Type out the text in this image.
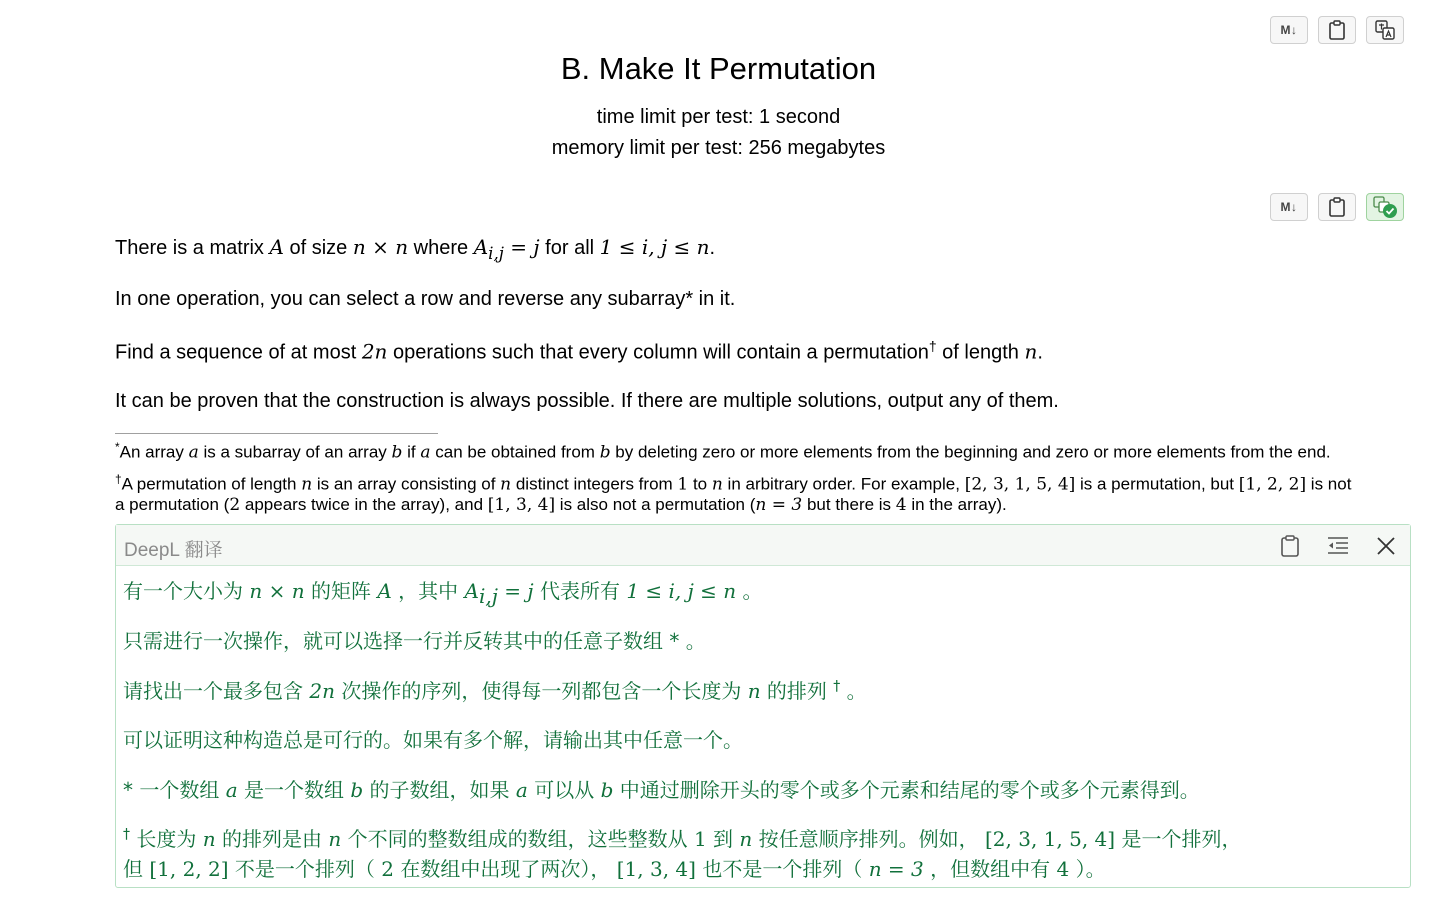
M↓
B. Make It Permutation
time limit per test: 1 second
memory limit per test: 256 megabytes
M↓
There is a matrix A of size n × n where $A_{i,j} = j$ for all 1 ≤ i, j ≤ n.
In one operation, you can select a row and reverse any subarray* in it.
Find a sequence of at most 2n operations such that every column will contain a permutation† of length n.
It can be proven that the construction is always possible. If there are multiple solutions, output any of them.
*An array a is a subarray of an array b if a can be obtained from b by deleting zero or more elements from the beginning and zero or more elements from the end.
†A permutation of length n is an array consisting of n distinct integers from 1 to n in arbitrary order. For example, [2, 3, 1, 5, 4] is a permutation, but [1, 2, 2] is not
a permutation (2 appears twice in the array), and [1, 3, 4] is also not a permutation (n = 3 but there is 4 in the array).
DeepL 翻译
有一个大小为 n × n 的矩阵 A ，其中 $A_{i,j} = j$ 代表所有 1 ≤ i, j ≤ n 。
只需进行一次操作，就可以选择一行并反转其中的任意子数组 * 。
请找出一个最多包含 2n 次操作的序列，使得每一列都包含一个长度为 n 的排列 † 。
可以证明这种构造总是可行的。如果有多个解，请输出其中任意一个。
* 一个数组 a 是一个数组 b 的子数组，如果 a 可以从 b 中通过删除开头的零个或多个元素和结尾的零个或多个元素得到。
† 长度为 n 的排列是由 n 个不同的整数组成的数组，这些整数从 1 到 n 按任意顺序排列。例如， [2, 3, 1, 5, 4] 是一个排列，
但 [1, 2, 2] 不是一个排列（ 2 在数组中出现了两次）， [1, 3, 4] 也不是一个排列（ n = 3 ，但数组中有 4 ）。
